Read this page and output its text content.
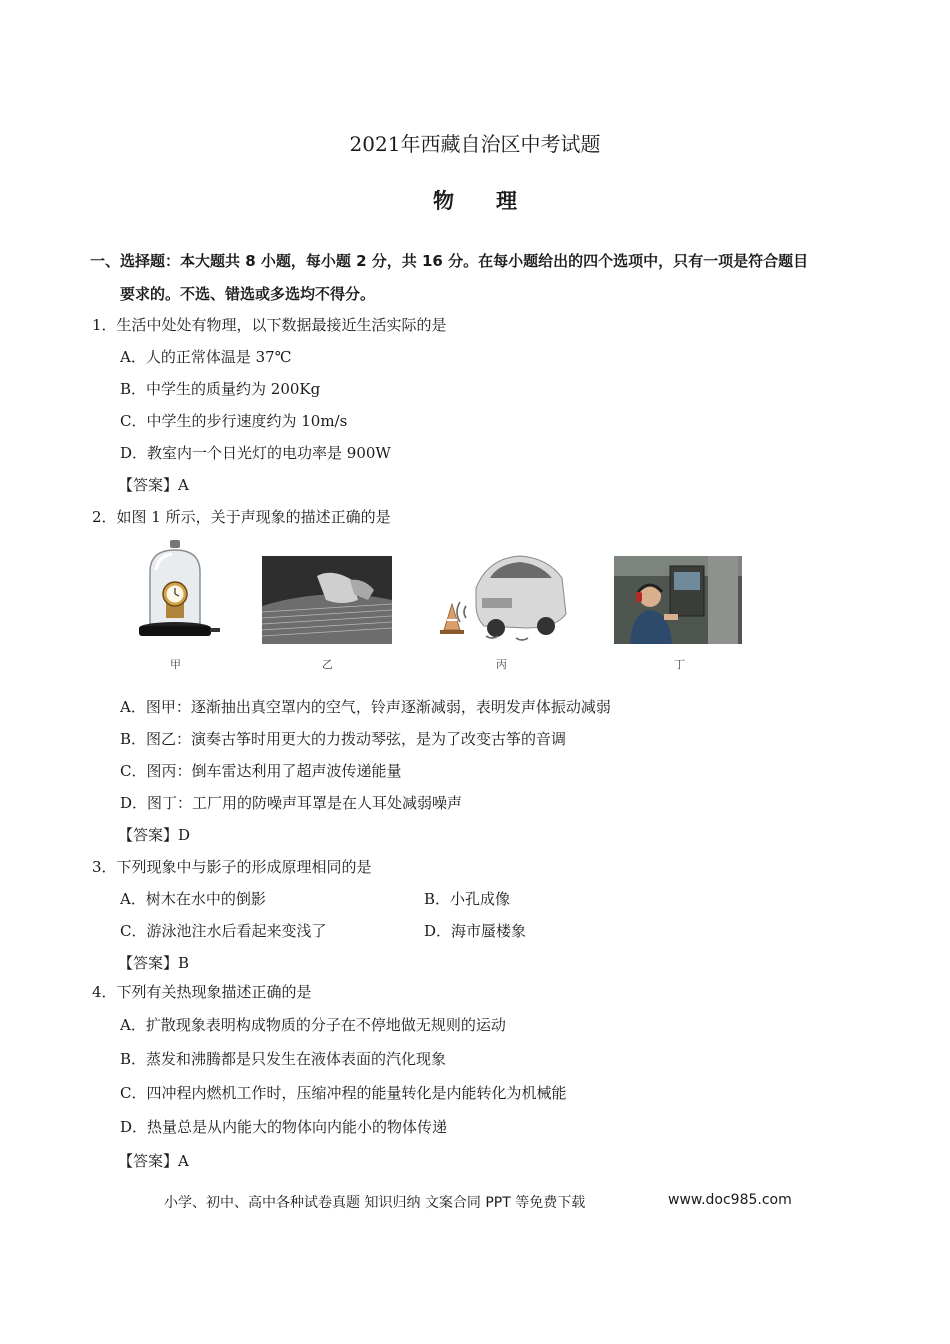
2021年西藏自治区中考试题
物理
一、选择题：本大题共 8 小题，每小题 2 分，共 16 分。在每小题给出的四个选项中，只有一项是符合题目
要求的。不选、错选或多选均不得分。
1．生活中处处有物理，以下数据最接近生活实际的是
A．人的正常体温是 37℃
B．中学生的质量约为 200Kg
C．中学生的步行速度约为 10m/s
D．教室内一个日光灯的电功率是 900W
【答案】A
2．如图 1 所示，关于声现象的描述正确的是
甲	乙	丙	丁
A．图甲：逐渐抽出真空罩内的空气，铃声逐渐减弱，表明发声体振动减弱
B．图乙：演奏古筝时用更大的力拨动琴弦，是为了改变古筝的音调
C．图丙：倒车雷达利用了超声波传递能量
D．图丁：工厂用的防噪声耳罩是在人耳处减弱噪声
【答案】D
3．下列现象中与影子的形成原理相同的是
A．树木在水中的倒影	B．小孔成像
C．游泳池注水后看起来变浅了	D．海市蜃楼象
【答案】B
4．下列有关热现象描述正确的是
A．扩散现象表明构成物质的分子在不停地做无规则的运动
B．蒸发和沸腾都是只发生在液体表面的汽化现象
C．四冲程内燃机工作时，压缩冲程的能量转化是内能转化为机械能
D．热量总是从内能大的物体向内能小的物体传递
【答案】A
小学、初中、高中各种试卷真题 知识归纳 文案合同 PPT 等免费下载	www.doc985.com
